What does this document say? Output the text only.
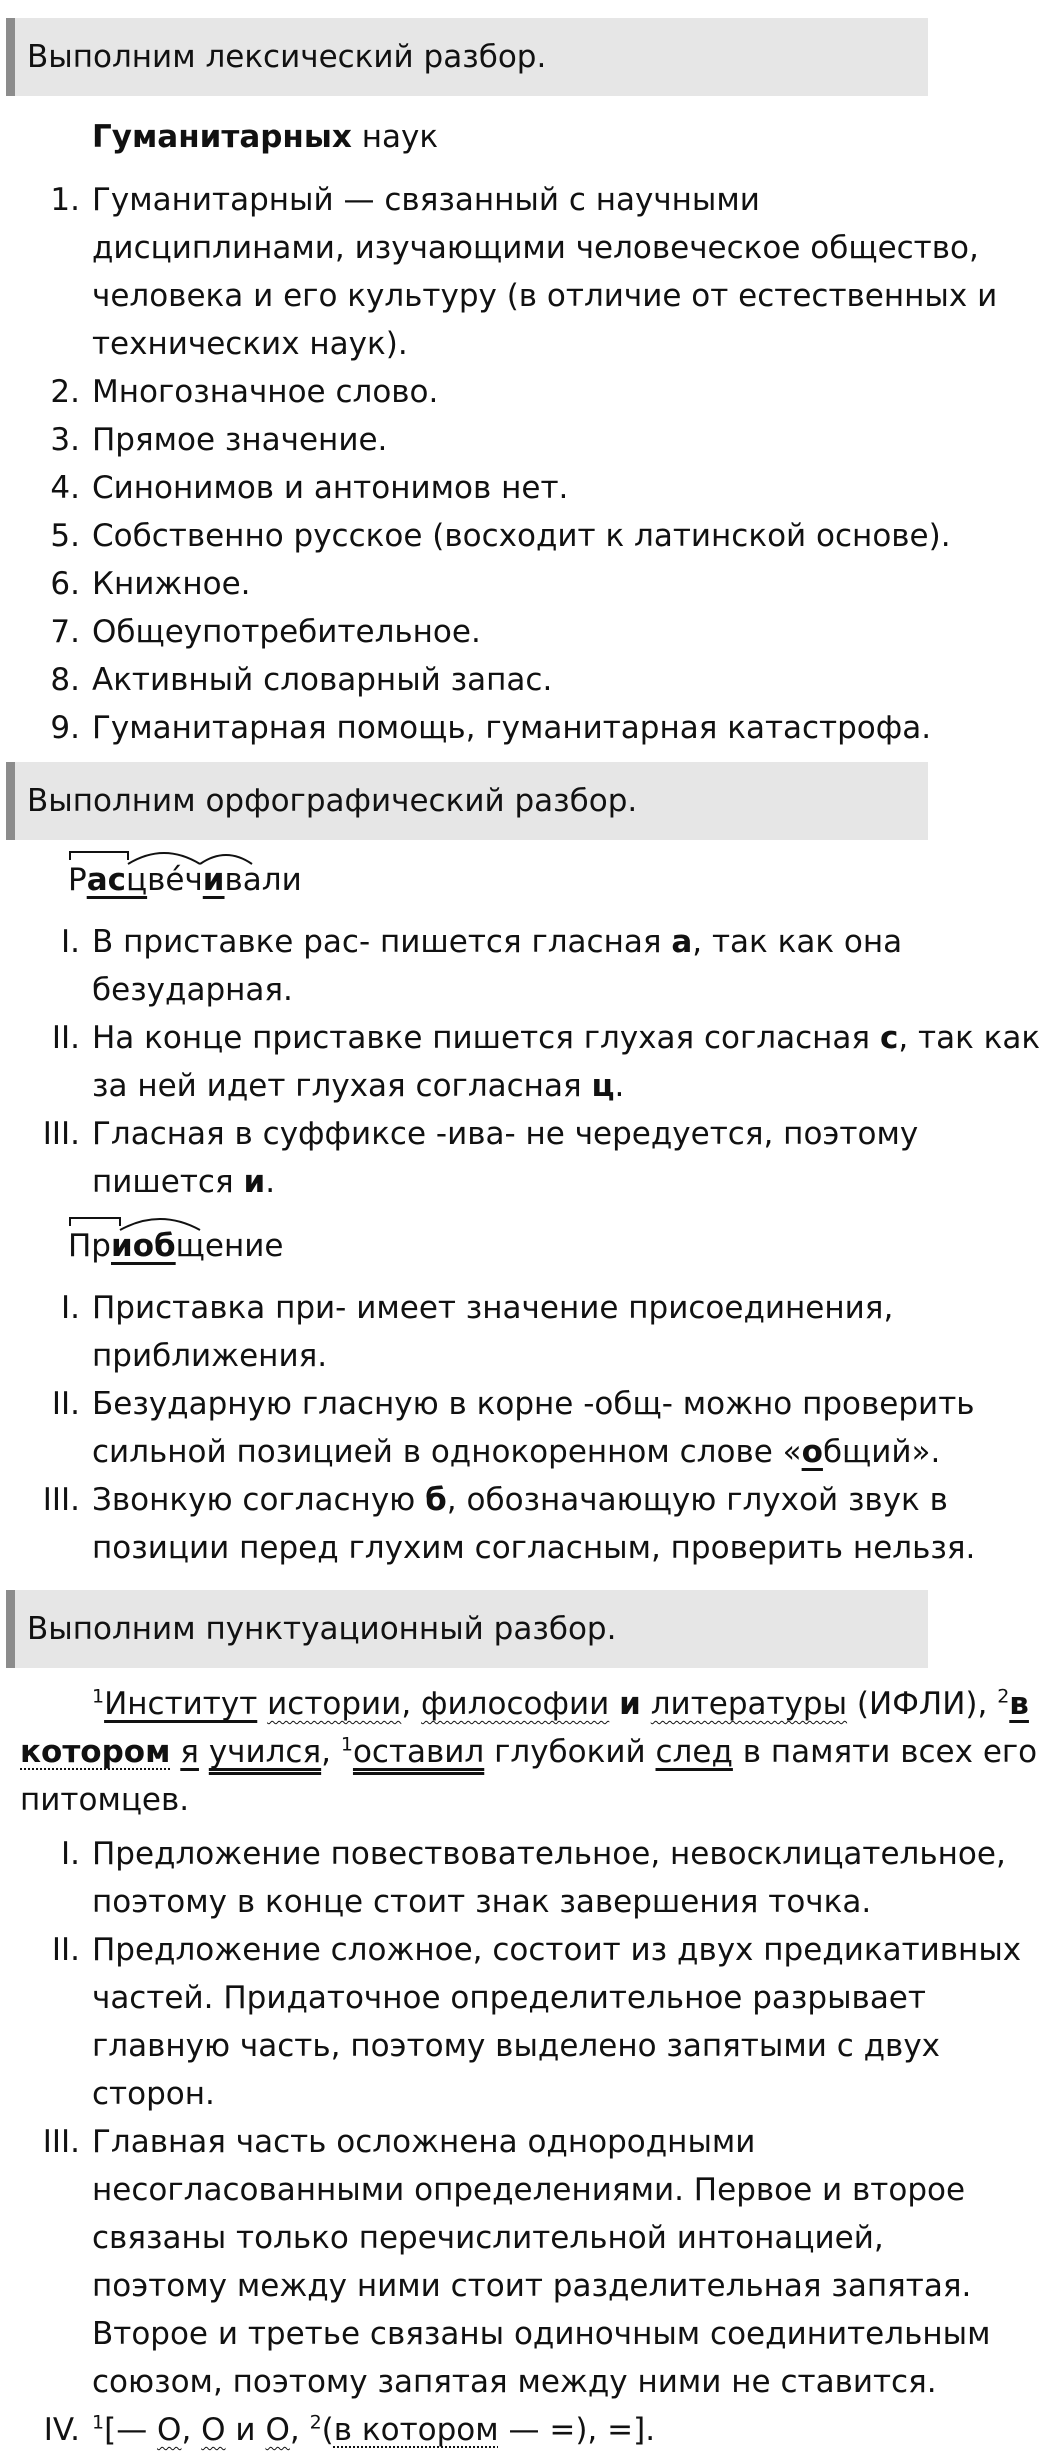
Выполним лексический разбор.
Гуманитарных наук
1. Гуманитарный — связанный с научными
дисциплинами, изучающими человеческое общество,
человека и его культуру (в отличие от естественных и
технических наук).
2. Многозначное слово.
3. Прямое значение.
4. Синонимов и антонимов нет.
5. Собственно русское (восходит к латинской основе).
6. Книжное.
7. Общеупотребительное.
8. Активный словарный запас.
9. Гуманитарная помощь, гуманитарная катастрофа.
Выполним орфографический разбор.
Расцве́чивали
I. В приставке рас- пишется гласная а, так как она
безударная.
II. На конце приставке пишется глухая согласная с, так как
за ней идет глухая согласная ц.
III. Гласная в суффиксе -ива- не чередуется, поэтому
пишется и.
Приобщение
I. Приставка при- имеет значение присоединения,
приближения.
II. Безударную гласную в корне -общ- можно проверить
сильной позицией в однокоренном слове «общий».
III. Звонкую согласную б, обозначающую глухой звук в
позиции перед глухим согласным, проверить нельзя.
Выполним пунктуационный разбор.
$^1$Институт истории, философии и литературы (ИФЛИ), $^2$в
котором я учился, $^1$оставил глубокий след в памяти всех его
питомцев.
I. Предложение повествовательное, невосклицательное,
поэтому в конце стоит знак завершения точка.
II. Предложение сложное, состоит из двух предикативных
частей. Придаточное определительное разрывает
главную часть, поэтому выделено запятыми с двух
сторон.
III. Главная часть осложнена однородными
несогласованными определениями. Первое и второе
связаны только перечислительной интонацией,
поэтому между ними стоит разделительная запятая.
Второе и третье связаны одиночным соединительным
союзом, поэтому запятая между ними не ставится.
IV. $^1$[— О, О и О, $^2$(в котором — =), =].
